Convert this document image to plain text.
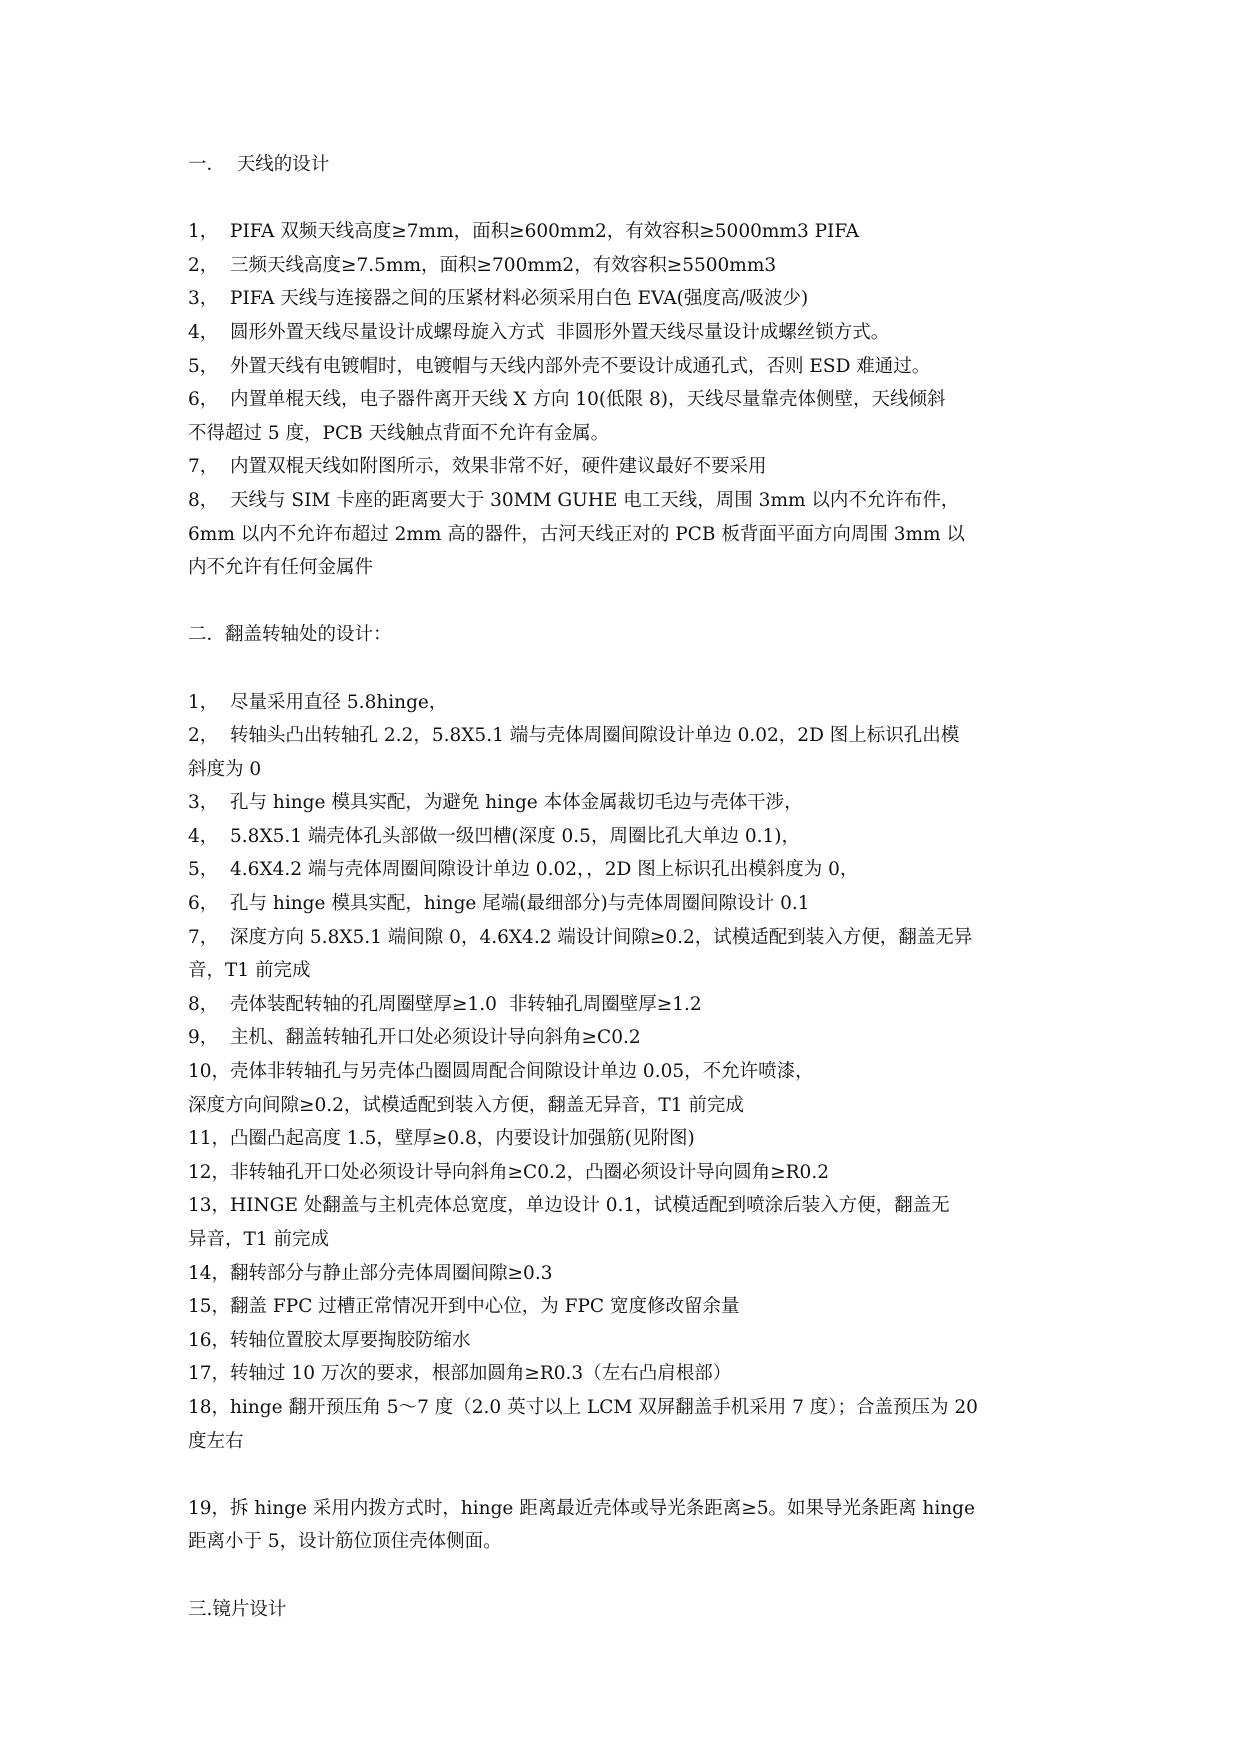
一．  天线的设计
1，  PIFA 双频天线高度≥7mm，面积≥600mm2，有效容积≥5000mm3 PIFA
2，  三频天线高度≥7.5mm，面积≥700mm2，有效容积≥5500mm3
3，  PIFA 天线与连接器之间的压紧材料必须采用白色 EVA(强度高/吸波少)
4，  圆形外置天线尽量设计成螺母旋入方式  非圆形外置天线尽量设计成螺丝锁方式。
5，  外置天线有电镀帽时，电镀帽与天线内部外壳不要设计成通孔式，否则 ESD 难通过。
6，  内置单棍天线，电子器件离开天线 X 方向 10(低限 8)，天线尽量靠壳体侧壁，天线倾斜
不得超过 5 度，PCB 天线触点背面不允许有金属。
7，  内置双棍天线如附图所示，效果非常不好，硬件建议最好不要采用
8，  天线与 SIM 卡座的距离要大于 30MM GUHE 电工天线，周围 3mm 以内不允许布件，
6mm 以内不允许布超过 2mm 高的器件，古河天线正对的 PCB 板背面平面方向周围 3mm 以
内不允许有任何金属件
二．翻盖转轴处的设计：
1，  尽量采用直径 5.8hinge，
2，  转轴头凸出转轴孔 2.2，5.8X5.1 端与壳体周圈间隙设计单边 0.02，2D 图上标识孔出模
斜度为 0
3，  孔与 hinge 模具实配，为避免 hinge 本体金属裁切毛边与壳体干涉，
4，  5.8X5.1 端壳体孔头部做一级凹槽(深度 0.5，周圈比孔大单边 0.1)，
5，  4.6X4.2 端与壳体周圈间隙设计单边 0.02，，2D 图上标识孔出模斜度为 0，
6，  孔与 hinge 模具实配，hinge 尾端(最细部分)与壳体周圈间隙设计 0.1
7，  深度方向 5.8X5.1 端间隙 0，4.6X4.2 端设计间隙≥0.2，试模适配到装入方便，翻盖无异
音，T1 前完成
8，  壳体装配转轴的孔周圈壁厚≥1.0  非转轴孔周圈壁厚≥1.2
9，  主机、翻盖转轴孔开口处必须设计导向斜角≥C0.2
10，壳体非转轴孔与另壳体凸圈圆周配合间隙设计单边 0.05，不允许喷漆，
深度方向间隙≥0.2，试模适配到装入方便，翻盖无异音，T1 前完成
11，凸圈凸起高度 1.5，壁厚≥0.8，内要设计加强筋(见附图)
12，非转轴孔开口处必须设计导向斜角≥C0.2，凸圈必须设计导向圆角≥R0.2
13，HINGE 处翻盖与主机壳体总宽度，单边设计 0.1，试模适配到喷涂后装入方便，翻盖无
异音，T1 前完成
14，翻转部分与静止部分壳体周圈间隙≥0.3
15，翻盖 FPC 过槽正常情况开到中心位，为 FPC 宽度修改留余量
16，转轴位置胶太厚要掏胶防缩水
17，转轴过 10 万次的要求，根部加圆角≥R0.3（左右凸肩根部）
18，hinge 翻开预压角 5～7 度（2.0 英寸以上 LCM 双屏翻盖手机采用 7 度）；合盖预压为 20
度左右
19，拆 hinge 采用内拨方式时，hinge 距离最近壳体或导光条距离≥5。如果导光条距离 hinge
距离小于 5，设计筋位顶住壳体侧面。
三.镜片设计
